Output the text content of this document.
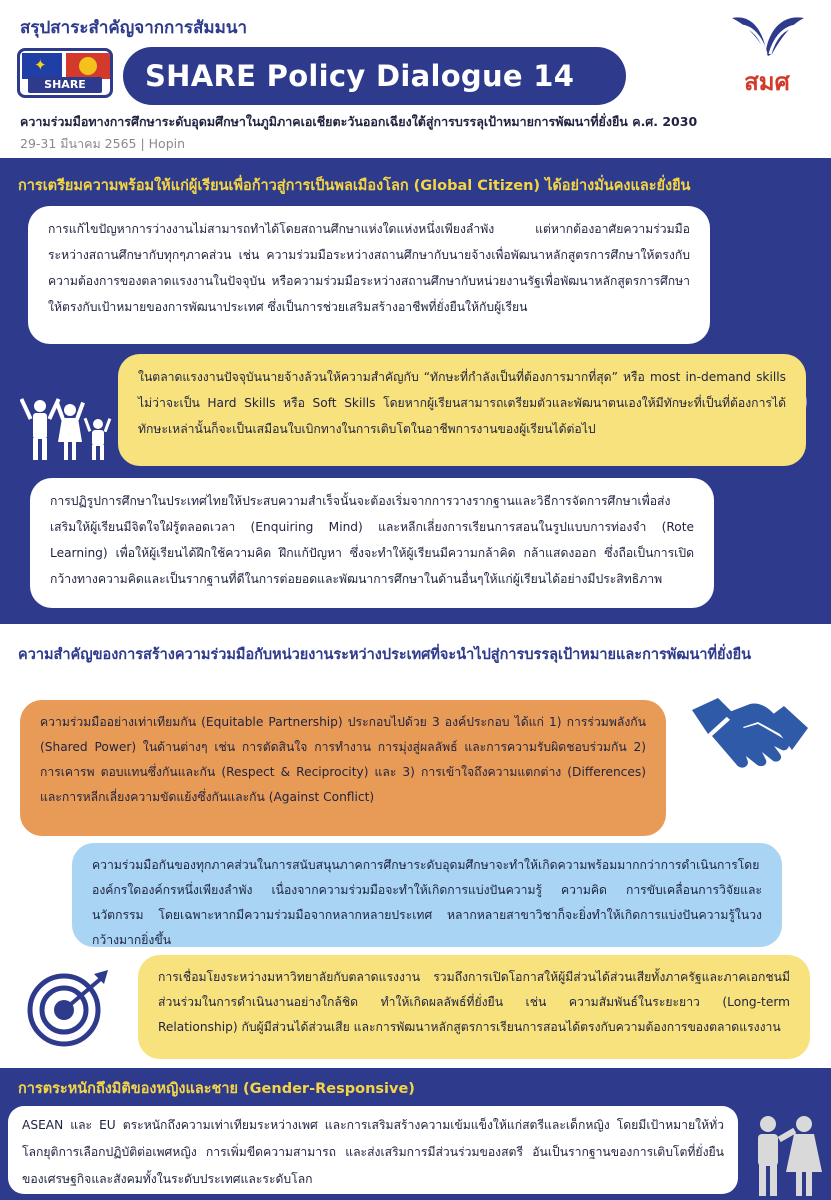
สรุปสาระสำคัญจากการสัมมนา
✦
SHARE	SHARE Policy Dialogue 14	สมศ
ความร่วมมือทางการศึกษาระดับอุดมศึกษาในภูมิภาคเอเชียตะวันออกเฉียงใต้สู่การบรรลุเป้าหมายการพัฒนาที่ยั่งยืน ค.ศ. 2030
29-31 มีนาคม 2565 | Hopin
การเตรียมความพร้อมให้แก่ผู้เรียนเพื่อก้าวสู่การเป็นพลเมืองโลก (Global Citizen) ได้อย่างมั่นคงและยั่งยืน
การแก้ไขปัญหาการว่างงานไม่สามารถทำได้โดยสถานศึกษาแห่งใดแห่งหนึ่งเพียงลำพัง แต่หากต้องอาศัยความร่วมมือระหว่างสถานศึกษากับทุกๆภาคส่วน เช่น ความร่วมมือระหว่างสถานศึกษากับนายจ้างเพื่อพัฒนาหลักสูตรการศึกษาให้ตรงกับความต้องการของตลาดแรงงานในปัจจุบัน หรือความร่วมมือระหว่างสถานศึกษากับหน่วยงานรัฐเพื่อพัฒนาหลักสูตรการศึกษาให้ตรงกับเป้าหมายของการพัฒนาประเทศ ซึ่งเป็นการช่วยเสริมสร้างอาชีพที่ยั่งยืนให้กับผู้เรียน
ในตลาดแรงงานปัจจุบันนายจ้างล้วนให้ความสำคัญกับ “ทักษะที่กำลังเป็นที่ต้องการมากที่สุด” หรือ most in-demand skills ไม่ว่าจะเป็น Hard Skills หรือ Soft Skills โดยหากผู้เรียนสามารถเตรียมตัวและพัฒนาตนเองให้มีทักษะที่เป็นที่ต้องการได้ ทักษะเหล่านั้นก็จะเป็นเสมือนใบเบิกทางในการเติบโตในอาชีพการงานของผู้เรียนได้ต่อไป
การปฏิรูปการศึกษาในประเทศไทยให้ประสบความสำเร็จนั้นจะต้องเริ่มจากการวางรากฐานและวิธีการจัดการศึกษาเพื่อส่งเสริมให้ผู้เรียนมีจิตใจใฝ่รู้ตลอดเวลา (Enquiring Mind) และหลีกเลี่ยงการเรียนการสอนในรูปแบบการท่องจำ (Rote Learning) เพื่อให้ผู้เรียนได้ฝึกใช้ความคิด ฝึกแก้ปัญหา ซึ่งจะทำให้ผู้เรียนมีความกล้าคิด กล้าแสดงออก ซึ่งถือเป็นการเปิดกว้างทางความคิดและเป็นรากฐานที่ดีในการต่อยอดและพัฒนาการศึกษาในด้านอื่นๆให้แก่ผู้เรียนได้อย่างมีประสิทธิภาพ
ความสำคัญของการสร้างความร่วมมือกับหน่วยงานระหว่างประเทศที่จะนำไปสู่การบรรลุเป้าหมายและการพัฒนาที่ยั่งยืน
ความร่วมมืออย่างเท่าเทียมกัน (Equitable Partnership) ประกอบไปด้วย 3 องค์ประกอบ ได้แก่ 1) การร่วมพลังกัน (Shared Power) ในด้านต่างๆ เช่น การตัดสินใจ การทำงาน การมุ่งสู่ผลลัพธ์ และการความรับผิดชอบร่วมกัน 2) การเคารพ ตอบแทนซึ่งกันและกัน (Respect & Reciprocity) และ 3) การเข้าใจถึงความแตกต่าง (Differences) และการหลีกเลี่ยงความขัดแย้งซึ่งกันและกัน (Against Conflict)
ความร่วมมือกันของทุกภาคส่วนในการสนับสนุนภาคการศึกษาระดับอุดมศึกษาจะทำให้เกิดความพร้อมมากกว่าการดำเนินการโดยองค์กรใดองค์กรหนึ่งเพียงลำพัง เนื่องจากความร่วมมือจะทำให้เกิดการแบ่งปันความรู้ ความคิด การขับเคลื่อนการวิจัยและนวัตกรรม โดยเฉพาะหากมีความร่วมมือจากหลากหลายประเทศ หลากหลายสาขาวิชาก็จะยิ่งทำให้เกิดการแบ่งปันความรู้ในวงกว้างมากยิ่งขึ้น
การเชื่อมโยงระหว่างมหาวิทยาลัยกับตลาดแรงงาน รวมถึงการเปิดโอกาสให้ผู้มีส่วนได้ส่วนเสียทั้งภาครัฐและภาคเอกชนมีส่วนร่วมในการดำเนินงานอย่างใกล้ชิด ทำให้เกิดผลลัพธ์ที่ยั่งยืน เช่น ความสัมพันธ์ในระยะยาว (Long-term Relationship) กับผู้มีส่วนได้ส่วนเสีย และการพัฒนาหลักสูตรการเรียนการสอนได้ตรงกับความต้องการของตลาดแรงงาน
การตระหนักถึงมิติของหญิงและชาย (Gender-Responsive)
ASEAN และ EU ตระหนักถึงความเท่าเทียมระหว่างเพศ และการเสริมสร้างความเข้มแข็งให้แก่สตรีและเด็กหญิง โดยมีเป้าหมายให้ทั่วโลกยุติการเลือกปฏิบัติต่อเพศหญิง การเพิ่มขีดความสามารถ และส่งเสริมการมีส่วนร่วมของสตรี อันเป็นรากฐานของการเติบโตที่ยั่งยืนของเศรษฐกิจและสังคมทั้งในระดับประเทศและระดับโลก
